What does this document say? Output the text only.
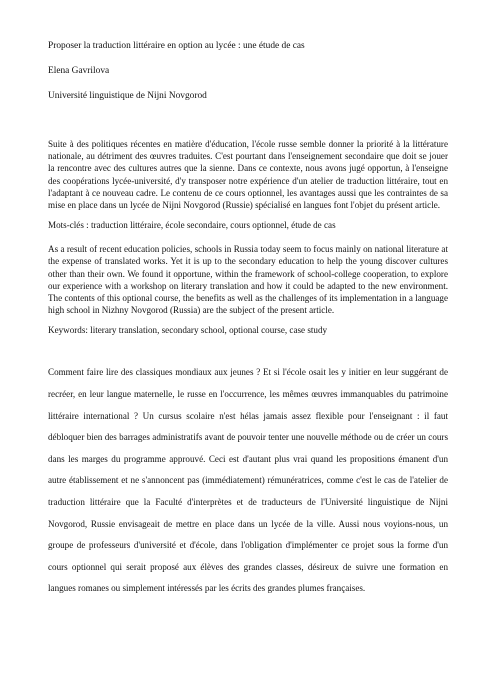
Proposer la traduction littéraire en option au lycée : une étude de cas

Elena Gavrilova

Université linguistique de Nijni Novgorod

Suite à des politiques récentes en matière d'éducation, l'école russe semble donner la priorité à la littérature nationale, au détriment des œuvres traduites. C'est pourtant dans l'enseignement secondaire que doit se jouer la rencontre avec des cultures autres que la sienne. Dans ce contexte, nous avons jugé opportun, à l'enseigne des coopérations lycée-université, d'y transposer notre expérience d'un atelier de traduction littéraire, tout en l'adaptant à ce nouveau cadre. Le contenu de ce cours optionnel, les avantages aussi que les contraintes de sa mise en place dans un lycée de Nijni Novgorod (Russie) spécialisé en langues font l'objet du présent article.

Mots-clés : traduction littéraire, école secondaire, cours optionnel, étude de cas

As a result of recent education policies, schools in Russia today seem to focus mainly on national literature at the expense of translated works. Yet it is up to the secondary education to help the young discover cultures other than their own. We found it opportune, within the framework of school-college cooperation, to explore our experience with a workshop on literary translation and how it could be adapted to the new environment. The contents of this optional course, the benefits as well as the challenges of its implementation in a language high school in Nizhny Novgorod (Russia) are the subject of the present article.

Keywords: literary translation, secondary school, optional course, case study

Comment faire lire des classiques mondiaux aux jeunes ? Et si l'école osait les y initier en leur suggérant de recréer, en leur langue maternelle, le russe en l'occurrence, les mêmes œuvres immanquables du patrimoine littéraire international ? Un cursus scolaire n'est hélas jamais assez flexible pour l'enseignant : il faut débloquer bien des barrages administratifs avant de pouvoir tenter une nouvelle méthode ou de créer un cours dans les marges du programme approuvé. Ceci est d'autant plus vrai quand les propositions émanent d'un autre établissement et ne s'annoncent pas (immédiatement) rémunératrices, comme c'est le cas de l'atelier de traduction littéraire que la Faculté d'interprètes et de traducteurs de l'Université linguistique de Nijni Novgorod, Russie envisageait de mettre en place dans un lycée de la ville. Aussi nous voyions-nous, un groupe de professeurs d'université et d'école, dans l'obligation d'implémenter ce projet sous la forme d'un cours optionnel qui serait proposé aux élèves des grandes classes, désireux de suivre une formation en langues romanes ou simplement intéressés par les écrits des grandes plumes françaises.
